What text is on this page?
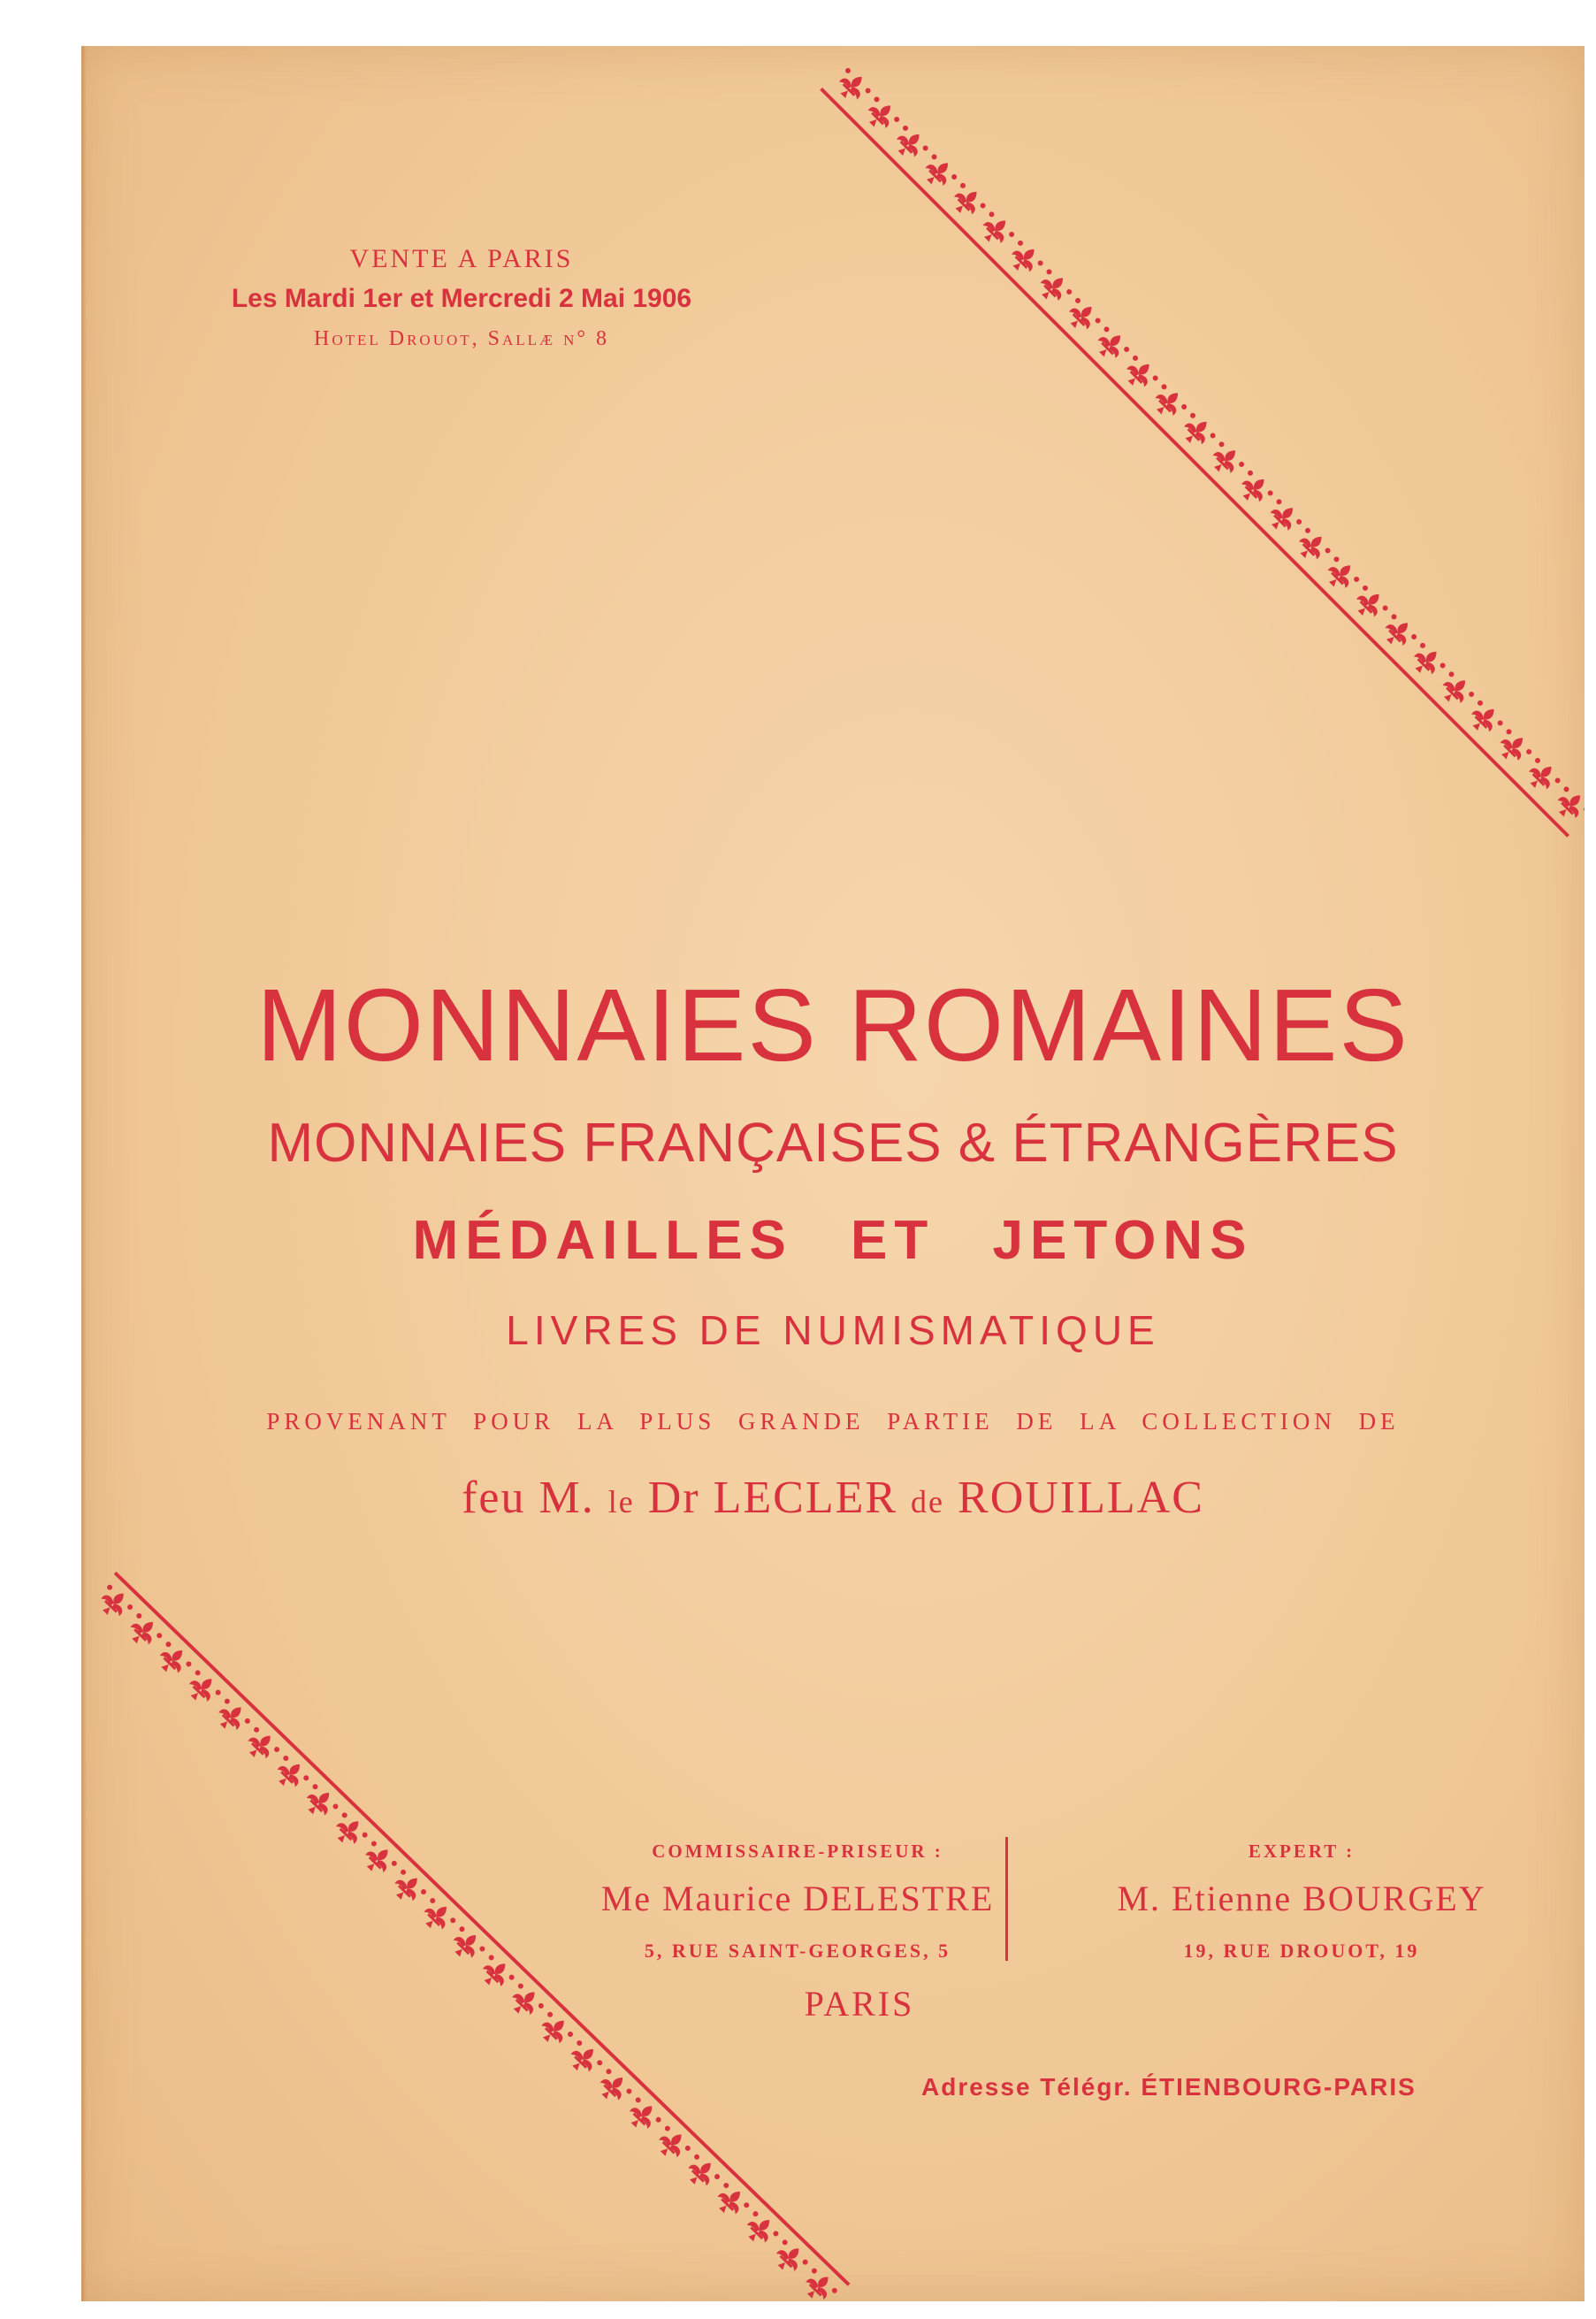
VENTE A PARIS
Les Mardi 1er et Mercredi 2 Mai 1906
Hotel Drouot, Sallæ n° 8
MONNAIES ROMAINES
MONNAIES FRANÇAISES & ÉTRANGÈRES
MÉDAILLES ET JETONS
LIVRES DE NUMISMATIQUE
PROVENANT POUR LA PLUS GRANDE PARTIE DE LA COLLECTION DE
feu M. le Dr LECLER de ROUILLAC
COMMISSAIRE-PRISEUR :
Me Maurice DELESTRE
5, RUE SAINT-GEORGES, 5
EXPERT :
M. Etienne BOURGEY
19, RUE DROUOT, 19
PARIS
Adresse Télégr. ÉTIENBOURG-PARIS
